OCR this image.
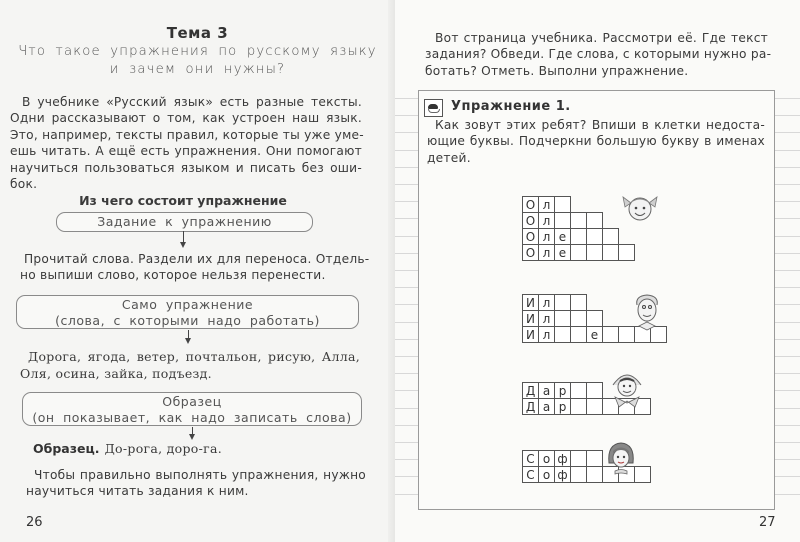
Тема 3
Что такое упражнения по русскому языку
и зачем они нужны?
В учебнике «Русский язык» есть разные тексты.
Одни рассказывают о том, как устроен наш язык.
Это, например, тексты правил, которые ты уже уме-
ешь читать. А ещё есть упражнения. Они помогают
научиться пользоваться языком и писать без оши-
бок.
Из чего состоит упражнение
Задание к упражнению
Прочитай слова. Раздели их для переноса. Отдель-
но выпиши слово, которое нельзя перенести.
Само упражнение
(слова, с которыми надо работать)
Дорога, ягода, ветер, почтальон, рисую, Алла,
Оля, осина, зайка, подъезд.
Образец
(он показывает, как надо записать слова)
Образец. До-рога, доро-га.
Чтобы правильно выполнять упражнения, нужно
научиться читать задания к ним.
26
Вот страница учебника. Рассмотри её. Где текст
задания? Обведи. Где слова, с которыми нужно ра-
ботать? Отметь. Выполни упражнение.
Упражнение 1.
Как зовут этих ребят? Впиши в клетки недоста-
ющие буквы. Подчеркни большую букву в именах
детей.
О л
О л
О л е
О л е
И л
И л
И л	е
Д а р
Д а р
С о ф
С о ф
27
